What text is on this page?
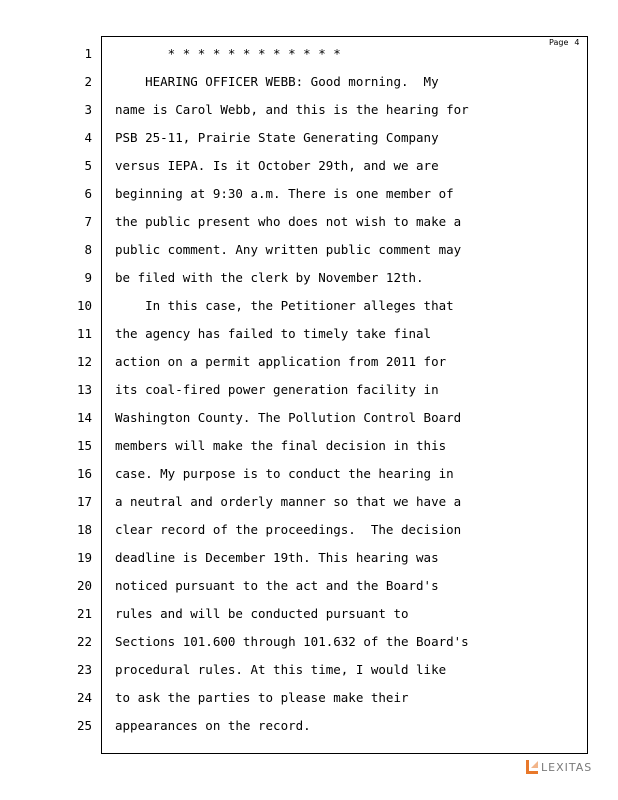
Page 4
1
2
3
4
5
6
7
8
9
10
11
12
13
14
15
16
17
18
19
20
21
22
23
24
25
* * * * * * * * * * * *
HEARING OFFICER WEBB: Good morning.  My
name is Carol Webb, and this is the hearing for
PSB 25-11, Prairie State Generating Company
versus IEPA. Is it October 29th, and we are
beginning at 9:30 a.m. There is one member of
the public present who does not wish to make a
public comment. Any written public comment may
be filed with the clerk by November 12th.
In this case, the Petitioner alleges that
the agency has failed to timely take final
action on a permit application from 2011 for
its coal-fired power generation facility in
Washington County. The Pollution Control Board
members will make the final decision in this
case. My purpose is to conduct the hearing in
a neutral and orderly manner so that we have a
clear record of the proceedings.  The decision
deadline is December 19th. This hearing was
noticed pursuant to the act and the Board's
rules and will be conducted pursuant to
Sections 101.600 through 101.632 of the Board's
procedural rules. At this time, I would like
to ask the parties to please make their
appearances on the record.
LEXITAS
